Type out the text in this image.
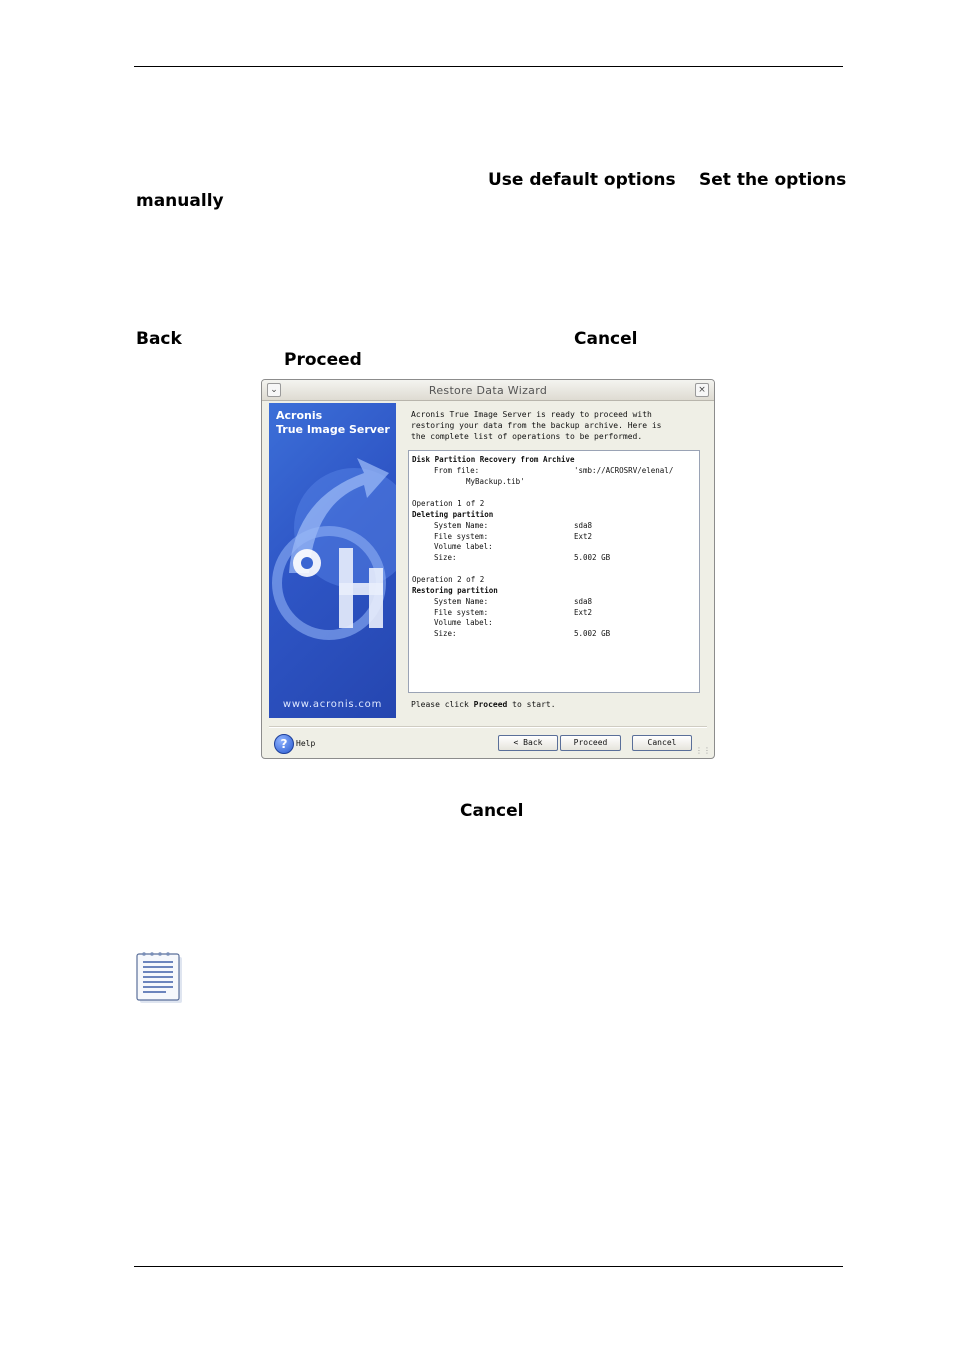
Use default options Set the options
manually
Back	Cancel
Proceed
⌄	Restore Data Wizard	×
Acronis
True Image Server
www.acronis.com
Acronis True Image Server is ready to proceed with
restoring your data from the backup archive. Here is
the complete list of operations to be performed.
Disk Partition Recovery from Archive
From file:	'smb://ACROSRV/elenal/
MyBackup.tib'
Operation 1 of 2
Deleting partition
System Name:	sda8
File system:	Ext2
Volume label:
Size:	5.002 GB
Operation 2 of 2
Restoring partition
System Name:	sda8
File system:	Ext2
Volume label:
Size:	5.002 GB
Please click Proceed to start.
?	Help	< Back	Proceed	Cancel
⋮⋮
Cancel
